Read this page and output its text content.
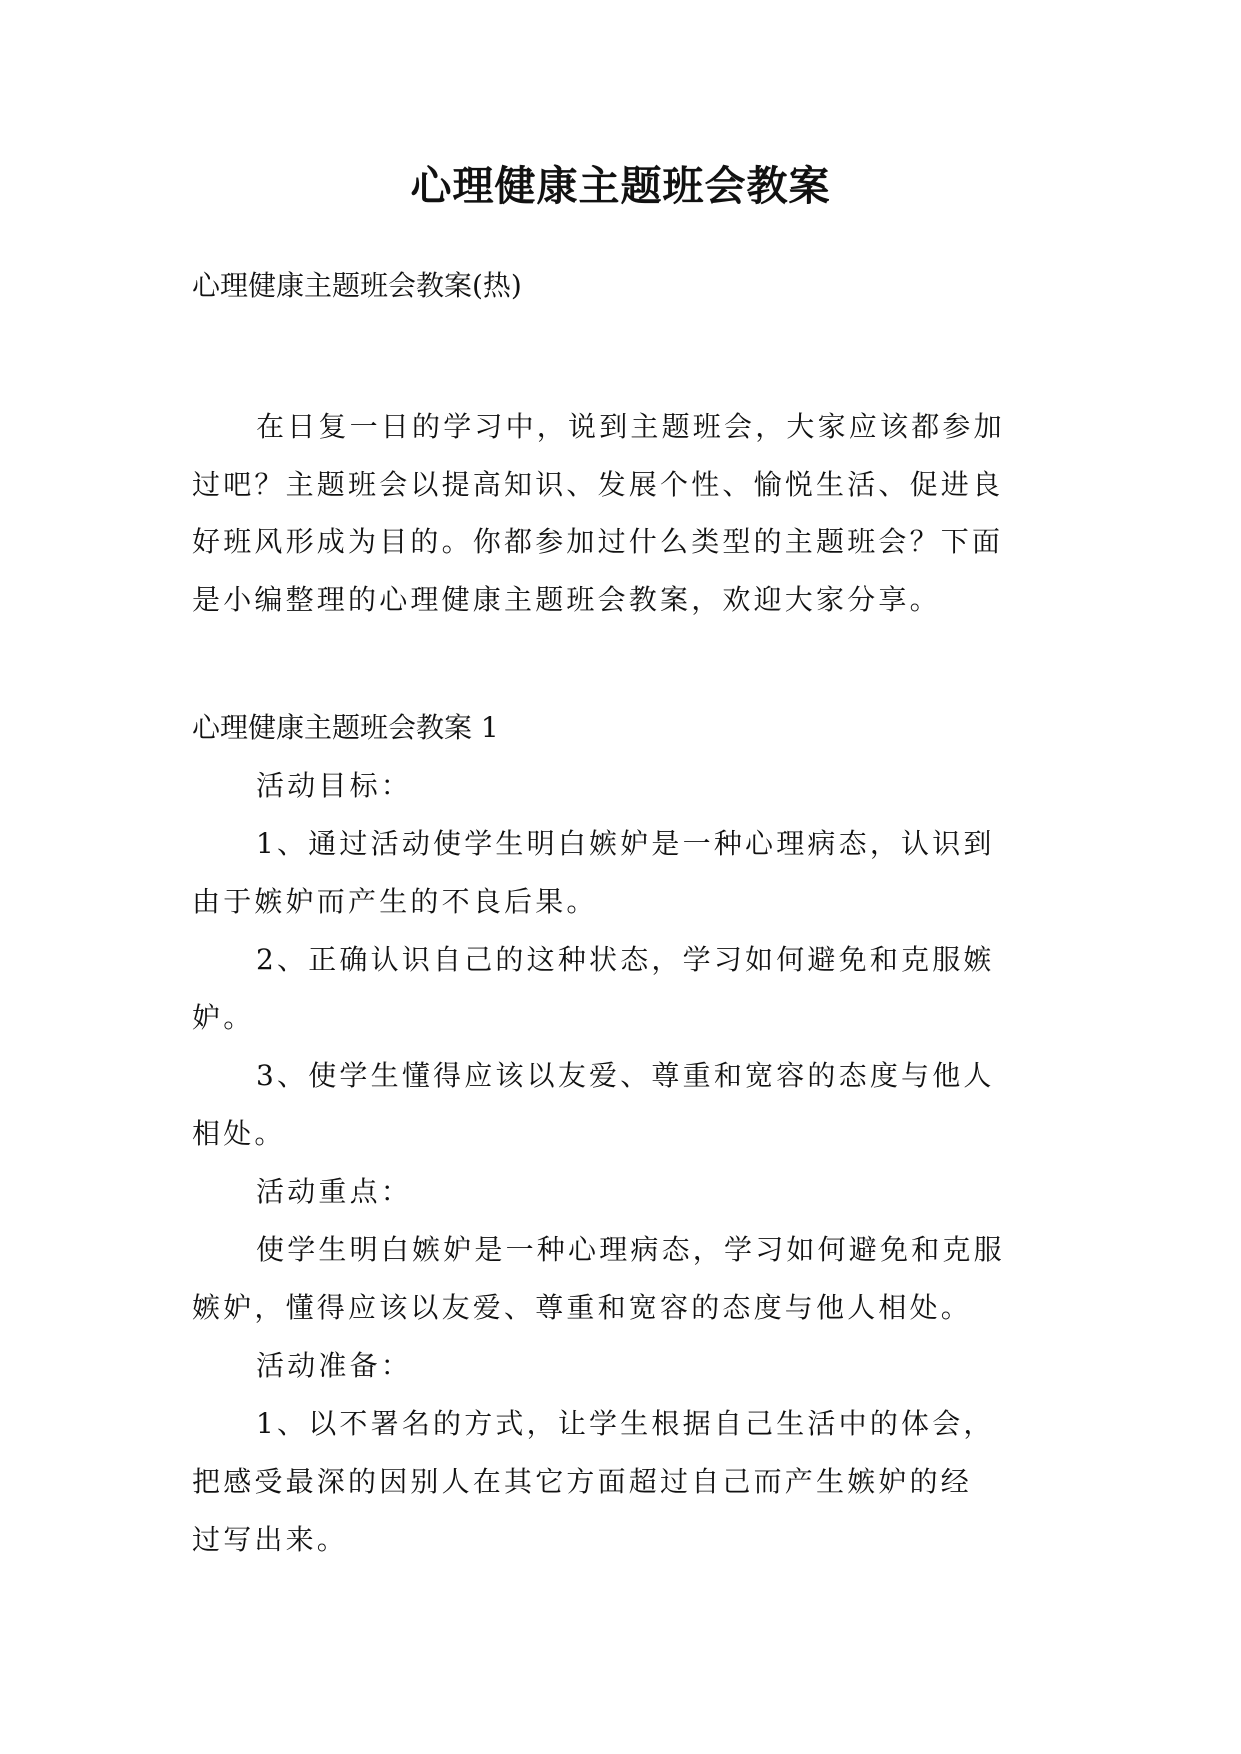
心理健康主题班会教案
心理健康主题班会教案(热)
在日复一日的学习中，说到主题班会，大家应该都参加
过吧？主题班会以提高知识、发展个性、愉悦生活、促进良
好班风形成为目的。你都参加过什么类型的主题班会？下面
是小编整理的心理健康主题班会教案，欢迎大家分享。
心理健康主题班会教案 1
活动目标：
1、通过活动使学生明白嫉妒是一种心理病态，认识到
由于嫉妒而产生的不良后果。
2、正确认识自己的这种状态，学习如何避免和克服嫉
妒。
3、使学生懂得应该以友爱、尊重和宽容的态度与他人
相处。
活动重点：
使学生明白嫉妒是一种心理病态，学习如何避免和克服
嫉妒，懂得应该以友爱、尊重和宽容的态度与他人相处。
活动准备：
1、以不署名的方式，让学生根据自己生活中的体会，
把感受最深的因别人在其它方面超过自己而产生嫉妒的经
过写出来。
